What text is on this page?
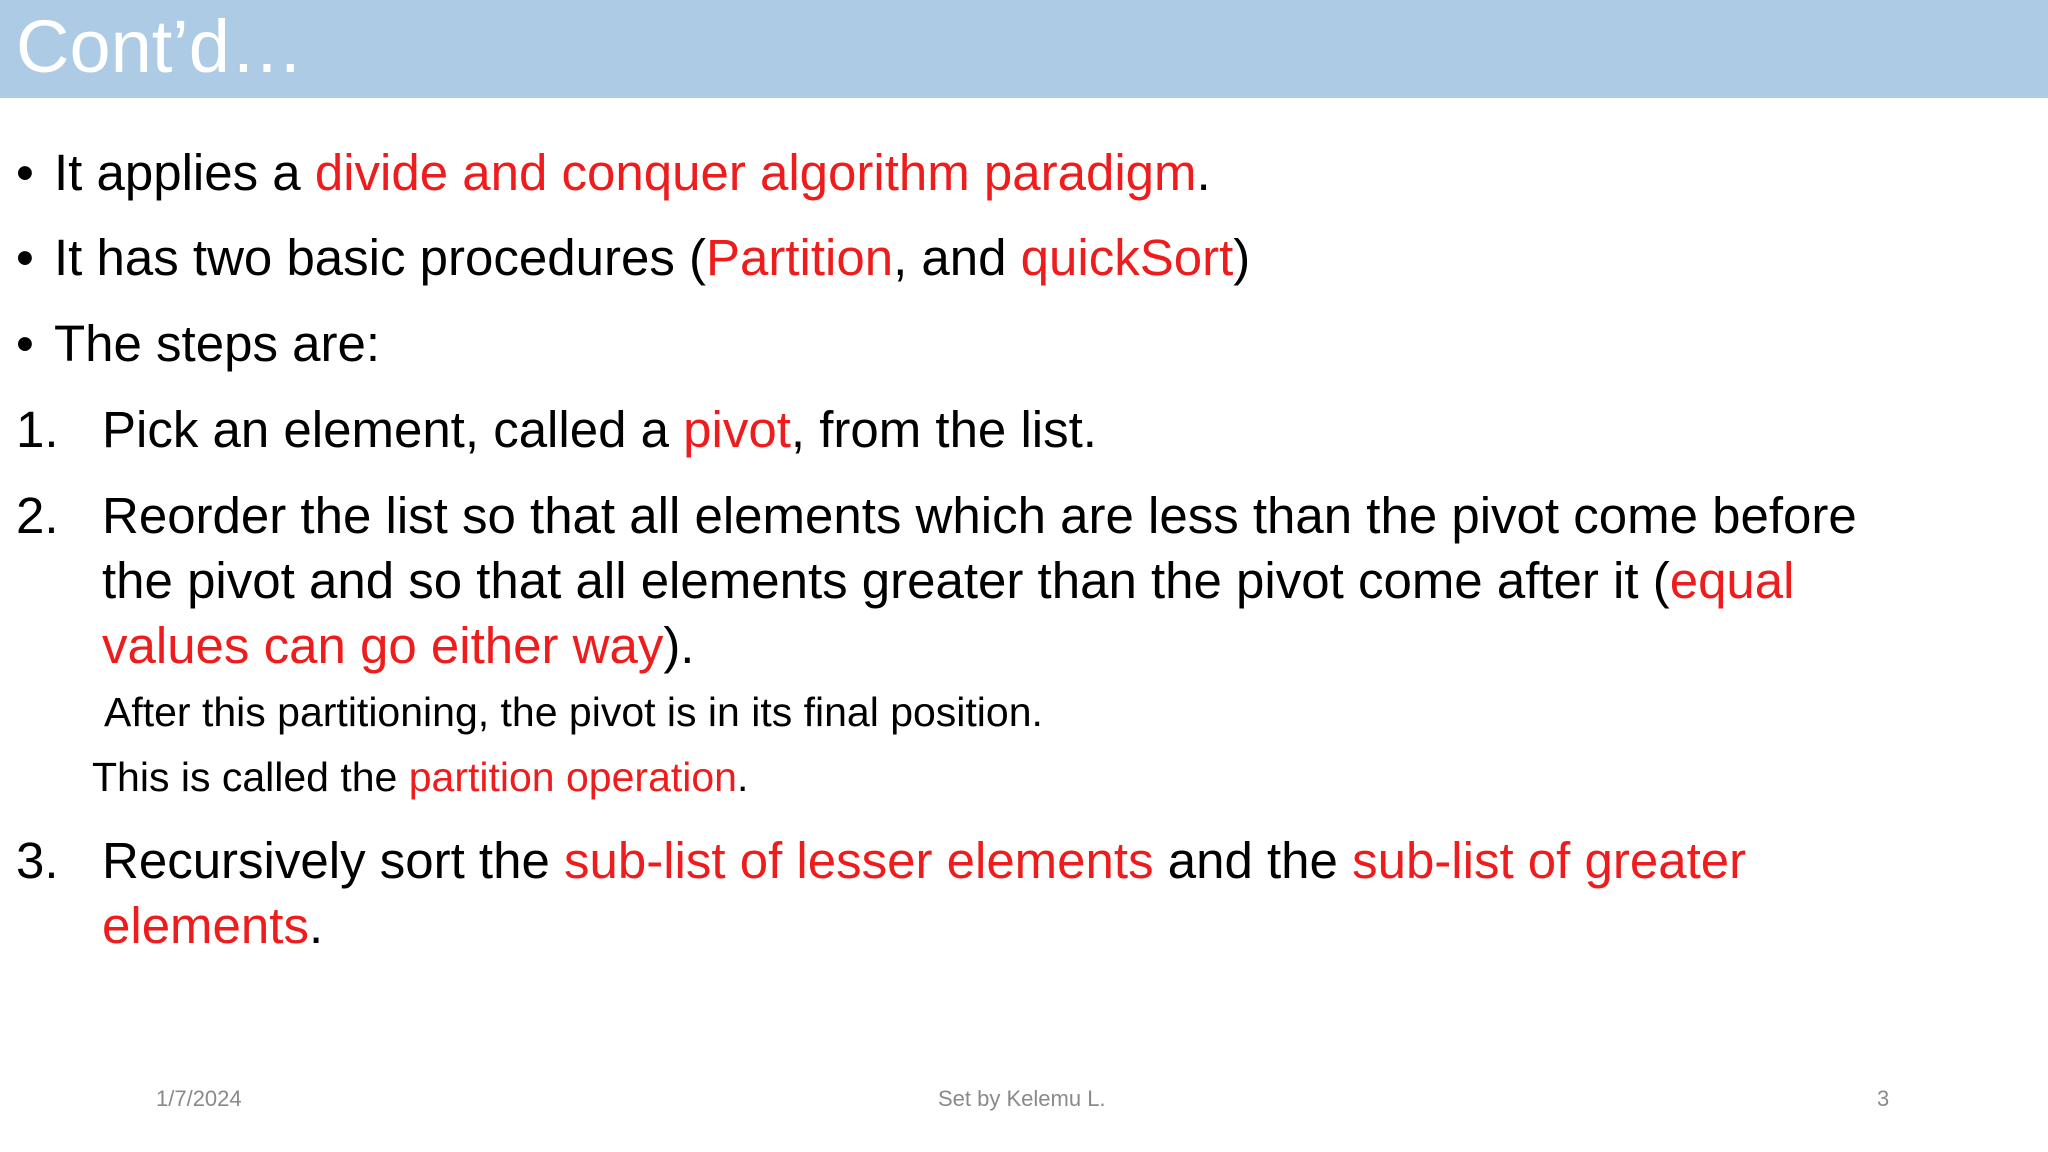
Cont’d…
• It applies a divide and conquer algorithm paradigm.
• It has two basic procedures (Partition, and quickSort)
• The steps are:
1. Pick an element, called a pivot, from the list.
2. Reorder the list so that all elements which are less than the pivot come before
the pivot and so that all elements greater than the pivot come after it (equal
values can go either way).
After this partitioning, the pivot is in its final position.
This is called the partition operation.
3. Recursively sort the sub-list of lesser elements and the sub-list of greater
elements.
1/7/2024	Set by Kelemu L.	3
